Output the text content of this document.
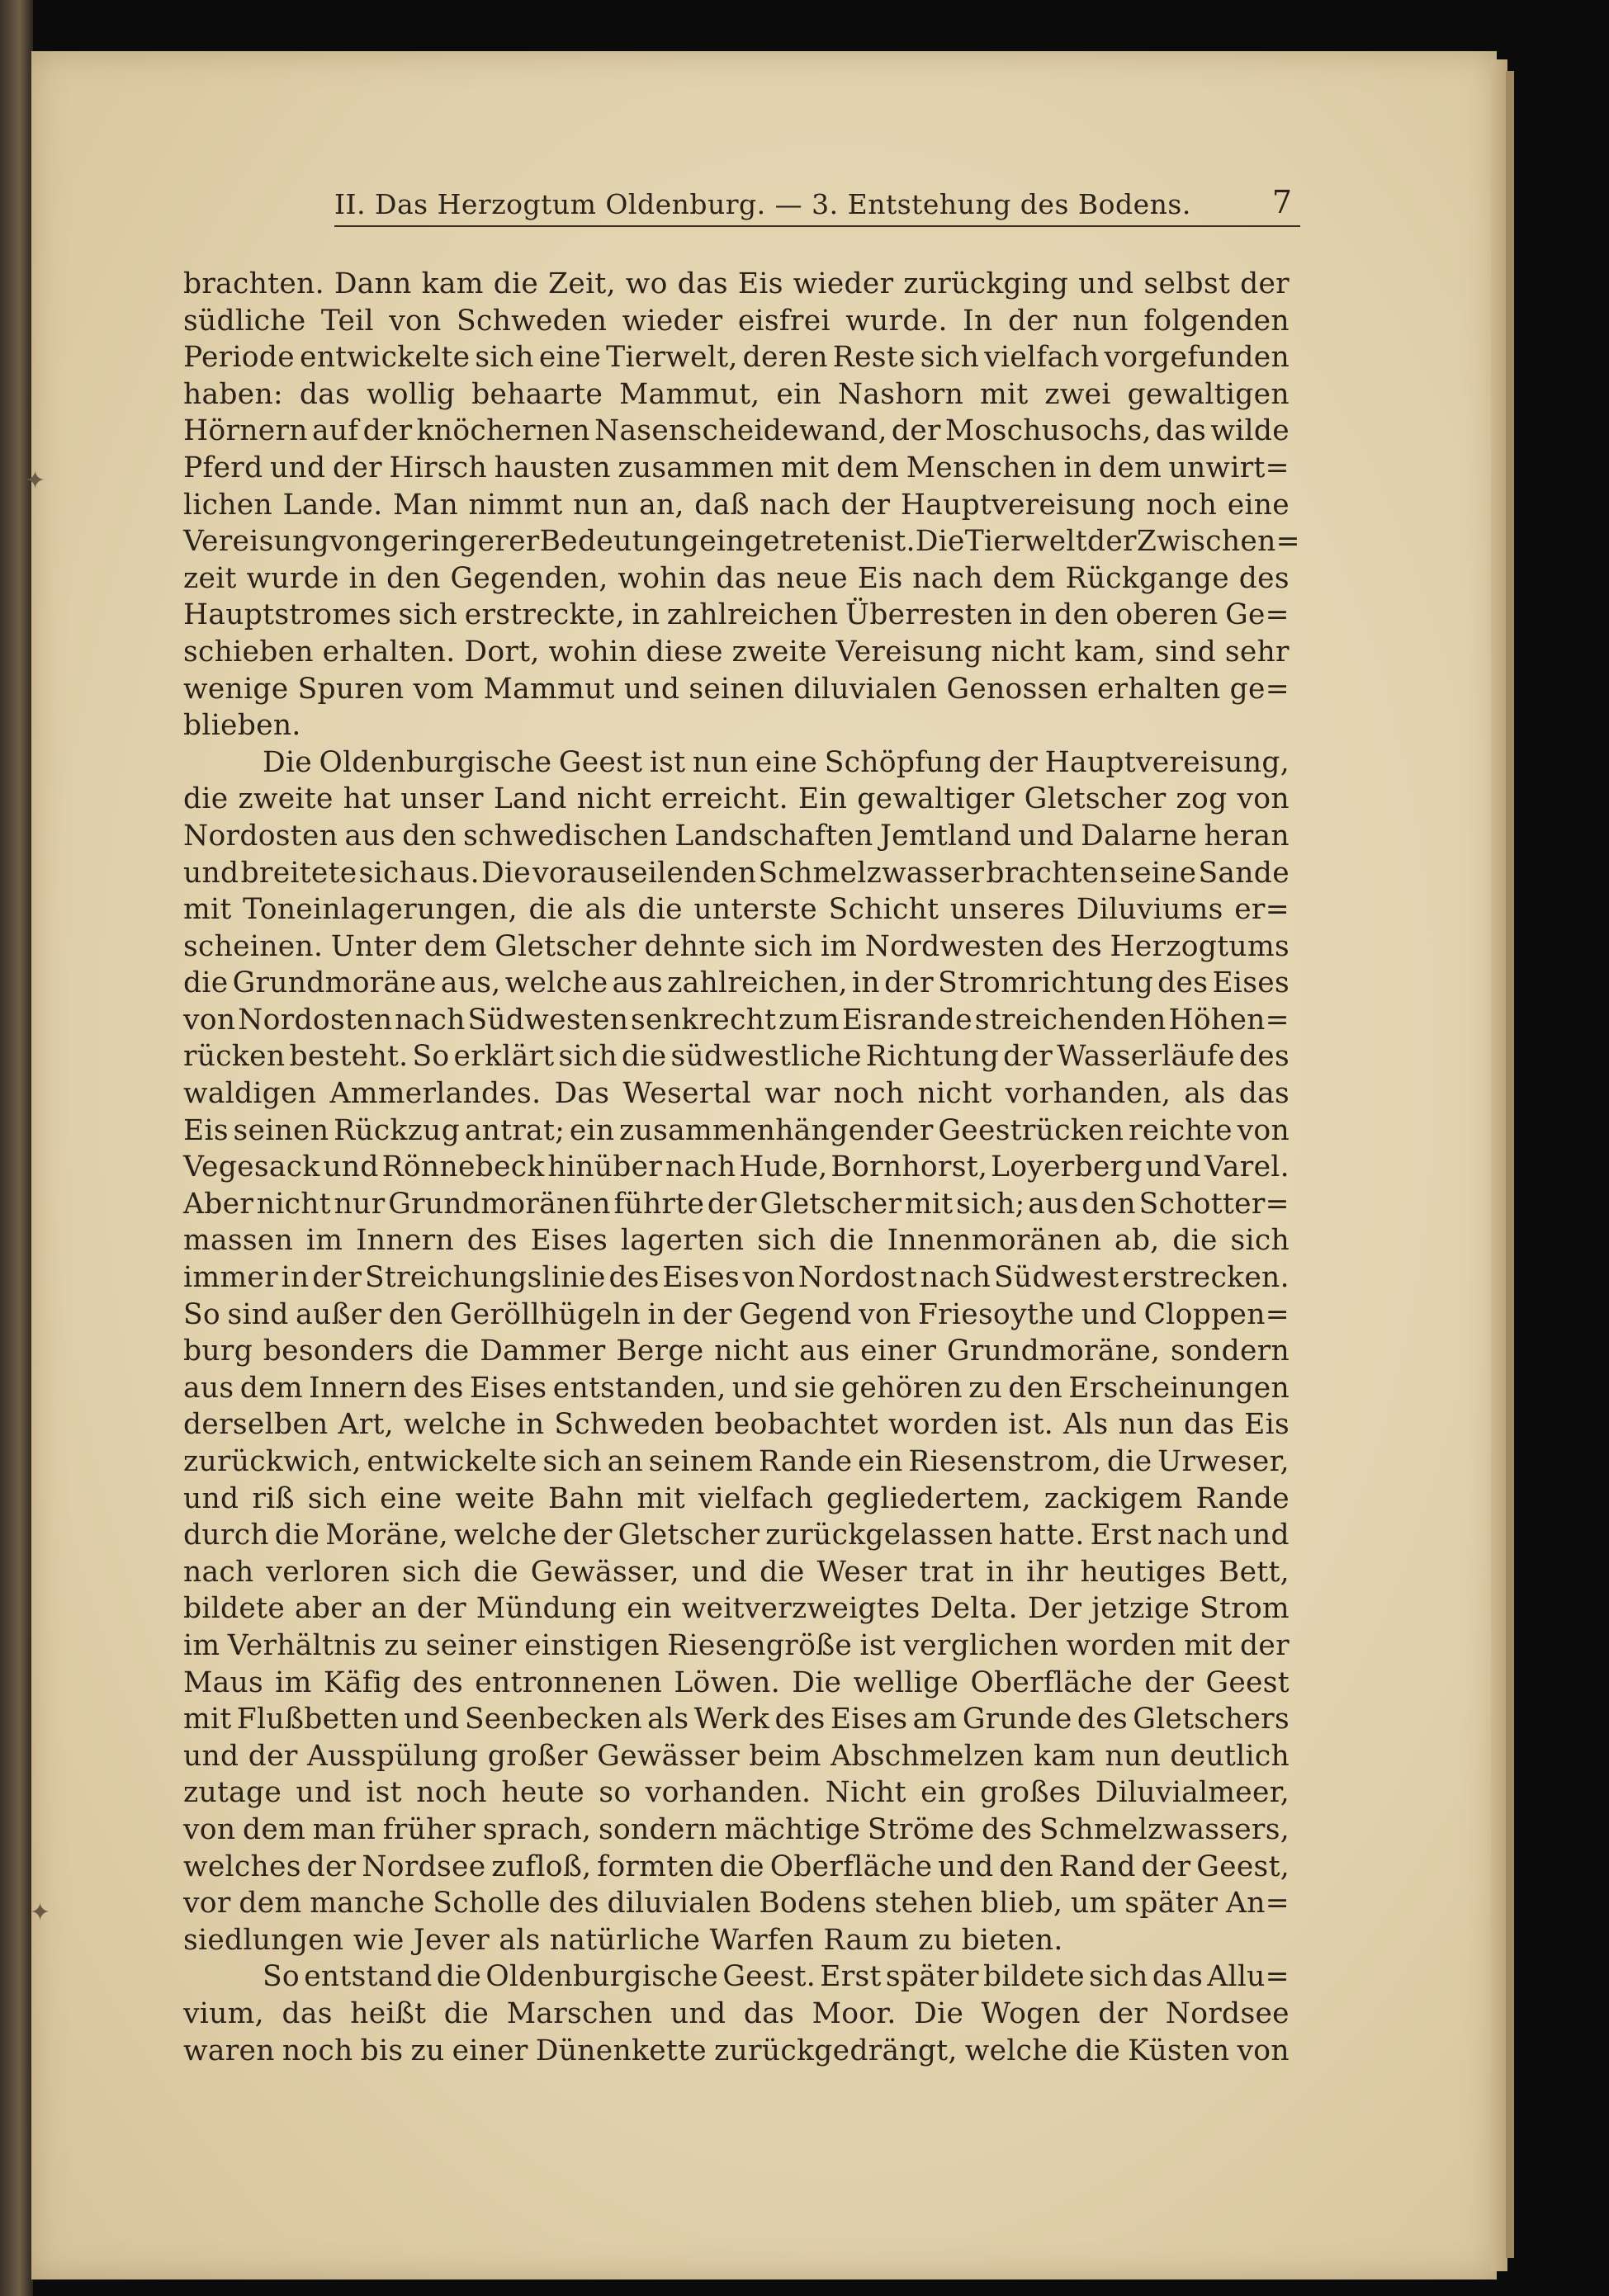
✦
✦
II. Das Herzogtum Oldenburg. — 3. Entstehung des Bodens.	7
brachten. Dann kam die Zeit, wo das Eis wieder zurückging und selbst der
südliche Teil von Schweden wieder eisfrei wurde. In der nun folgenden
Periode entwickelte sich eine Tierwelt, deren Reste sich vielfach vorgefunden
haben: das wollig behaarte Mammut, ein Nashorn mit zwei gewaltigen
Hörnern auf der knöchernen Nasenscheidewand, der Moschusochs, das wilde
Pferd und der Hirsch hausten zusammen mit dem Menschen in dem unwirt=
lichen Lande. Man nimmt nun an, daß nach der Hauptvereisung noch eine
Vereisung von geringerer Bedeutung eingetreten ist. Die Tierwelt der Zwischen=
zeit wurde in den Gegenden, wohin das neue Eis nach dem Rückgange des
Hauptstromes sich erstreckte, in zahlreichen Überresten in den oberen Ge=
schieben erhalten. Dort, wohin diese zweite Vereisung nicht kam, sind sehr
wenige Spuren vom Mammut und seinen diluvialen Genossen erhalten ge=
blieben.
Die Oldenburgische Geest ist nun eine Schöpfung der Hauptvereisung,
die zweite hat unser Land nicht erreicht. Ein gewaltiger Gletscher zog von
Nordosten aus den schwedischen Landschaften Jemtland und Dalarne heran
und breitete sich aus. Die vorauseilenden Schmelzwasser brachten seine Sande
mit Toneinlagerungen, die als die unterste Schicht unseres Diluviums er=
scheinen. Unter dem Gletscher dehnte sich im Nordwesten des Herzogtums
die Grundmoräne aus, welche aus zahlreichen, in der Stromrichtung des Eises
von Nordosten nach Südwesten senkrecht zum Eisrande streichenden Höhen=
rücken besteht. So erklärt sich die südwestliche Richtung der Wasserläufe des
waldigen Ammerlandes. Das Wesertal war noch nicht vorhanden, als das
Eis seinen Rückzug antrat; ein zusammenhängender Geestrücken reichte von
Vegesack und Rönnebeck hinüber nach Hude, Bornhorst, Loyerberg und Varel.
Aber nicht nur Grundmoränen führte der Gletscher mit sich; aus den Schotter=
massen im Innern des Eises lagerten sich die Innenmoränen ab, die sich
immer in der Streichungslinie des Eises von Nordost nach Südwest erstrecken.
So sind außer den Geröllhügeln in der Gegend von Friesoythe und Cloppen=
burg besonders die Dammer Berge nicht aus einer Grundmoräne, sondern
aus dem Innern des Eises entstanden, und sie gehören zu den Erscheinungen
derselben Art, welche in Schweden beobachtet worden ist. Als nun das Eis
zurückwich, entwickelte sich an seinem Rande ein Riesenstrom, die Urweser,
und riß sich eine weite Bahn mit vielfach gegliedertem, zackigem Rande
durch die Moräne, welche der Gletscher zurückgelassen hatte. Erst nach und
nach verloren sich die Gewässer, und die Weser trat in ihr heutiges Bett,
bildete aber an der Mündung ein weitverzweigtes Delta. Der jetzige Strom
im Verhältnis zu seiner einstigen Riesengröße ist verglichen worden mit der
Maus im Käfig des entronnenen Löwen. Die wellige Oberfläche der Geest
mit Flußbetten und Seenbecken als Werk des Eises am Grunde des Gletschers
und der Ausspülung großer Gewässer beim Abschmelzen kam nun deutlich
zutage und ist noch heute so vorhanden. Nicht ein großes Diluvialmeer,
von dem man früher sprach, sondern mächtige Ströme des Schmelzwassers,
welches der Nordsee zufloß, formten die Oberfläche und den Rand der Geest,
vor dem manche Scholle des diluvialen Bodens stehen blieb, um später An=
siedlungen
wie
Jever
als
natürliche
Warfen
Raum
zu
bieten.
So entstand die Oldenburgische Geest. Erst später bildete sich das Allu=
vium, das heißt die Marschen und das Moor. Die Wogen der Nordsee
waren noch bis zu einer Dünenkette zurückgedrängt, welche die Küsten von
